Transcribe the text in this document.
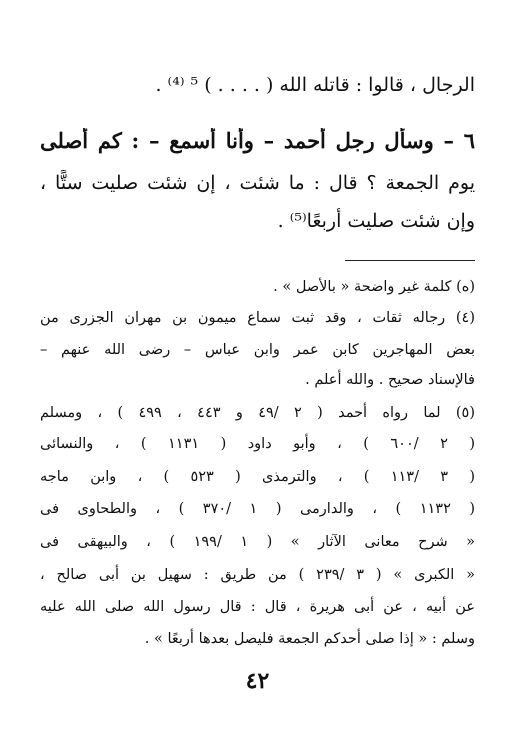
الرجال ، قالوا : قاتله الله ( . . . . ) ⁵ ⁽⁴⁾ .
٦ – وسأل رجل أحمد – وأنا أسمع – : كم أصلى
يوم الجمعة ؟ قال : ما شئت ، إن شئت صليت ستًّا ،
وإن شئت صليت أربعًا⁽⁵⁾ .
(ه) كلمة غير واضحة « بالأصل » .
(٤) رجاله ثقات ، وقد ثبت سماع ميمون بن مهران الجزرى من
بعض المهاجرين كابن عمر وابن عباس – رضى الله عنهم –
فالإسناد صحيح . والله أعلم .
(٥) لما رواه أحمد ( ٢ /٤٩ و ٤٤٣ ، ٤٩٩ ) ، ومسلم
( ٢ /٦٠٠ ) ، وأبو داود ( ١١٣١ ) ، والنسائى
( ٣ /١١٣ ) ، والترمذى ( ٥٢٣ ) ، وابن ماجه
( ١١٣٢ ) ، والدارمى ( ١ /٣٧٠ ) ، والطحاوى فى
« شرح معانى الآثار » ( ١ /١٩٩ ) ، والبيهقى فى
« الكبرى » ( ٣ /٢٣٩ ) من طريق : سهيل بن أبى صالح ،
عن أبيه ، عن أبى هريرة ، قال : قال رسول الله صلى الله عليه
وسلم : « إذا صلى أحدكم الجمعة فليصل بعدها أربعًا » .
٤٢
